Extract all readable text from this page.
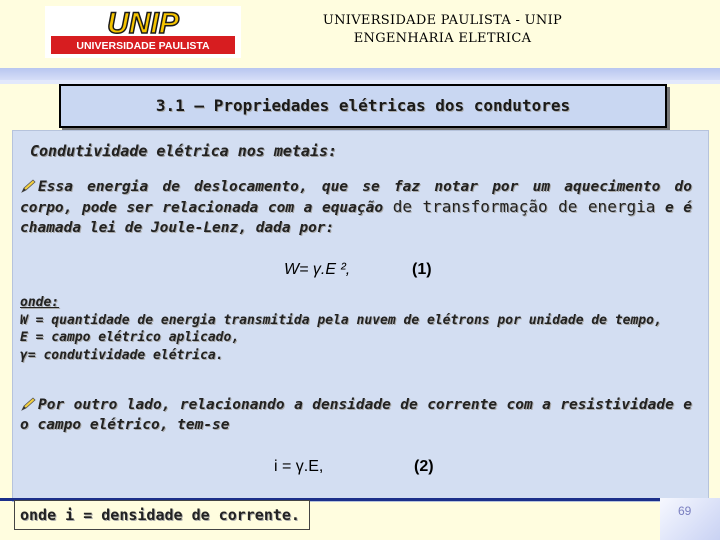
UNIP
UNIVERSIDADE PAULISTA
UNIVERSIDADE PAULISTA - UNIP
ENGENHARIA ELETRICA
3.1 – Propriedades elétricas dos condutores
Condutividade elétrica nos metais:
Essa energia de deslocamento, que se faz notar por um aquecimento do corpo, pode ser relacionada com a equação de transformação de energia e é chamada lei de Joule-Lenz, dada por:
W= γ.E ²,	(1)
onde:
W = quantidade de energia transmitida pela nuvem de elétrons por unidade de tempo,
E = campo elétrico aplicado,
γ= condutividade elétrica.
Por outro lado, relacionando a densidade de corrente com a resistividade e o campo elétrico, tem-se
i = γ.E,	(2)
onde i = densidade de corrente.	69
